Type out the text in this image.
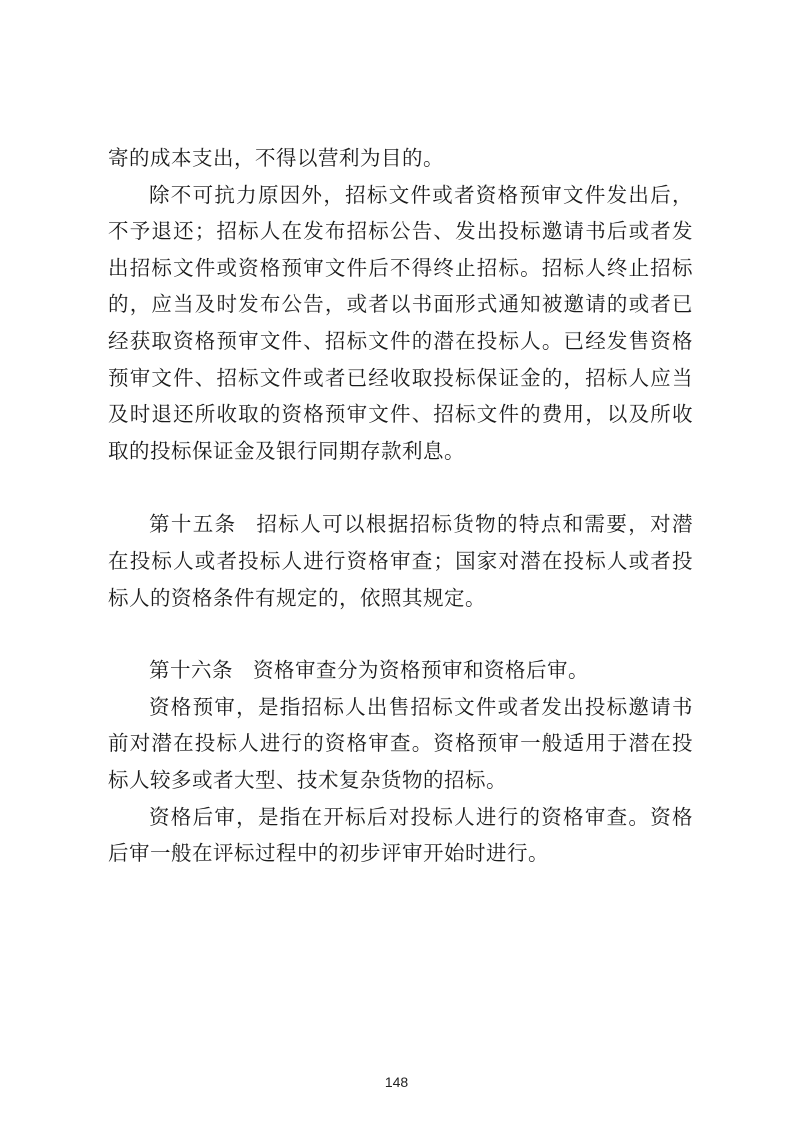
寄的成本支出，不得以营利为目的。

除不可抗力原因外，招标文件或者资格预审文件发出后，不予退还；招标人在发布招标公告、发出投标邀请书后或者发出招标文件或资格预审文件后不得终止招标。招标人终止招标的，应当及时发布公告，或者以书面形式通知被邀请的或者已经获取资格预审文件、招标文件的潜在投标人。已经发售资格预审文件、招标文件或者已经收取投标保证金的，招标人应当及时退还所收取的资格预审文件、招标文件的费用，以及所收取的投标保证金及银行同期存款利息。

第十五条 招标人可以根据招标货物的特点和需要，对潜在投标人或者投标人进行资格审查；国家对潜在投标人或者投标人的资格条件有规定的，依照其规定。

第十六条 资格审查分为资格预审和资格后审。

资格预审，是指招标人出售招标文件或者发出投标邀请书前对潜在投标人进行的资格审查。资格预审一般适用于潜在投标人较多或者大型、技术复杂货物的招标。

资格后审，是指在开标后对投标人进行的资格审查。资格后审一般在评标过程中的初步评审开始时进行。

148
